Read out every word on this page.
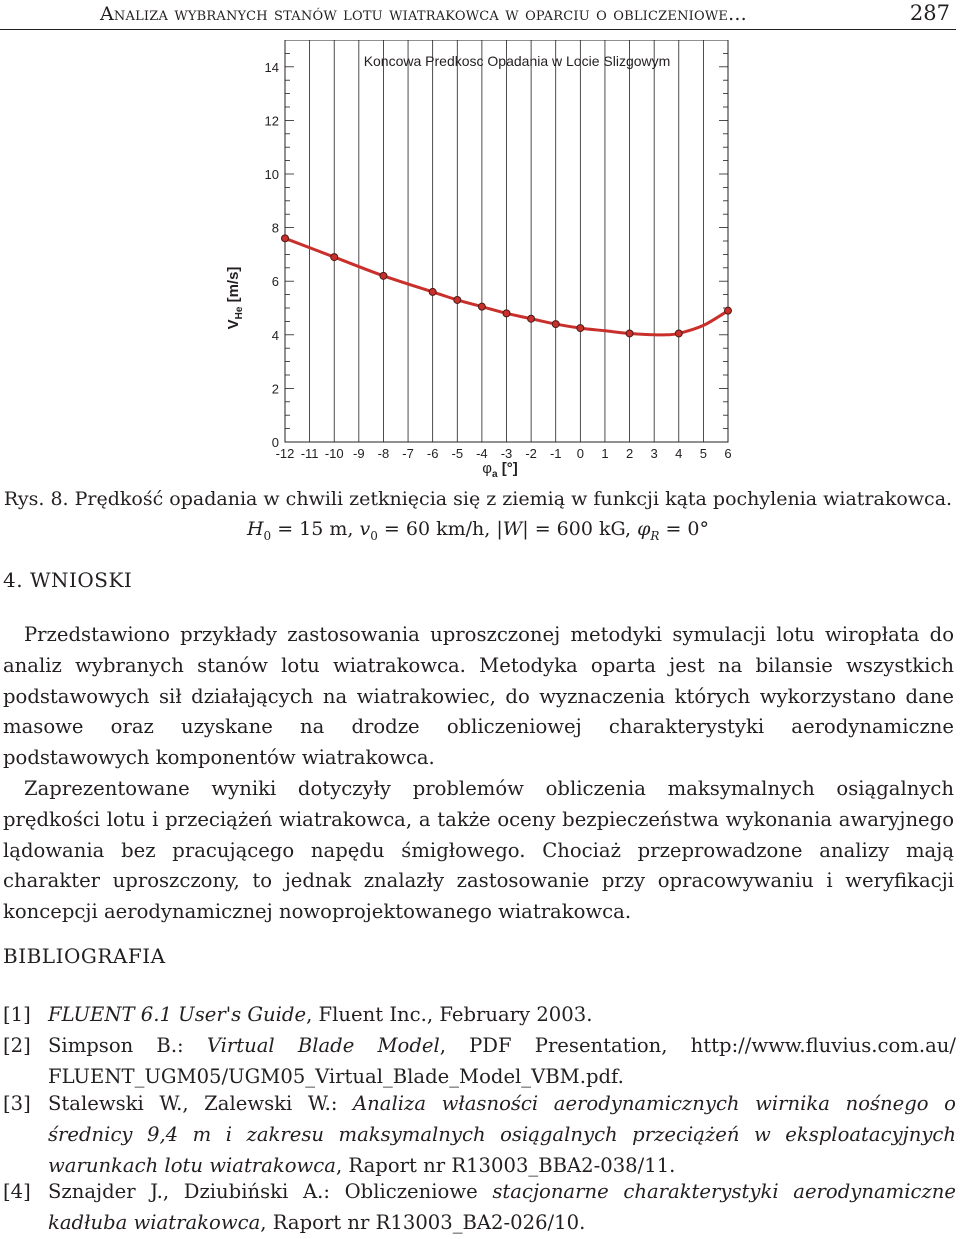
Analiza wybranych stanów lotu wiatrakowca w oparciu o obliczeniowe...	287
Koncowa Predkosc Opadania w Locie Slizgowym
-12 -11 -10 -9 -8 -7 -6 -5 -4 -3 -2 -1 0 1 2 3 4 5 6
0
2
4
6
8
10
12
14
$V_{He}$ [m/s]
$\varphi_a$ [°]
Rys. 8. Prędkość opadania w chwili zetknięcia się z ziemią w funkcji kąta pochylenia wiatrakowca.
$H_0 = 15$ m, $v_0 = 60$ km/h, |W| = 600 kG, $\varphi_R = 0^\circ$
4. WNIOSKI

Przedstawiono przykłady zastosowania uproszczonej metodyki symulacji lotu wiropłata do analiz wybranych stanów lotu wiatrakowca. Metodyka oparta jest na bilansie wszystkich podstawowych sił działających na wiatrakowiec, do wyznaczenia których wykorzystano dane masowe oraz uzyskane na drodze obliczeniowej charakterystyki aerodynamiczne podstawowych komponentów wiatrakowca.

Zaprezentowane wyniki dotyczyły problemów obliczenia maksymalnych osiągalnych prędkości lotu i przeciążeń wiatrakowca, a także oceny bezpieczeństwa wykonania awaryjnego lądowania bez pracującego napędu śmigłowego. Chociaż przeprowadzone analizy mają charakter uproszczony, to jednak znalazły zastosowanie przy opracowywaniu i weryfikacji koncepcji aerodynamicznej nowoprojektowanego wiatrakowca.

BIBLIOGRAFIA
[1] FLUENT 6.1 User's Guide, Fluent Inc., February 2003.
[2] Simpson B.: Virtual Blade Model, PDF Presentation, http://www.fluvius.com.au/ FLUENT_UGM05/UGM05_Virtual_Blade_Model_VBM.pdf.
[3] Stalewski W., Zalewski W.: Analiza własności aerodynamicznych wirnika nośnego o średnicy 9,4 m i zakresu maksymalnych osiągalnych przeciążeń w eksploatacyjnych warunkach lotu wiatrakowca, Raport nr R13003_BBA2-038/11.
[4] Sznajder J., Dziubiński A.: Obliczeniowe stacjonarne charakterystyki aerodynamiczne kadłuba wiatrakowca, Raport nr R13003_BA2-026/10.
